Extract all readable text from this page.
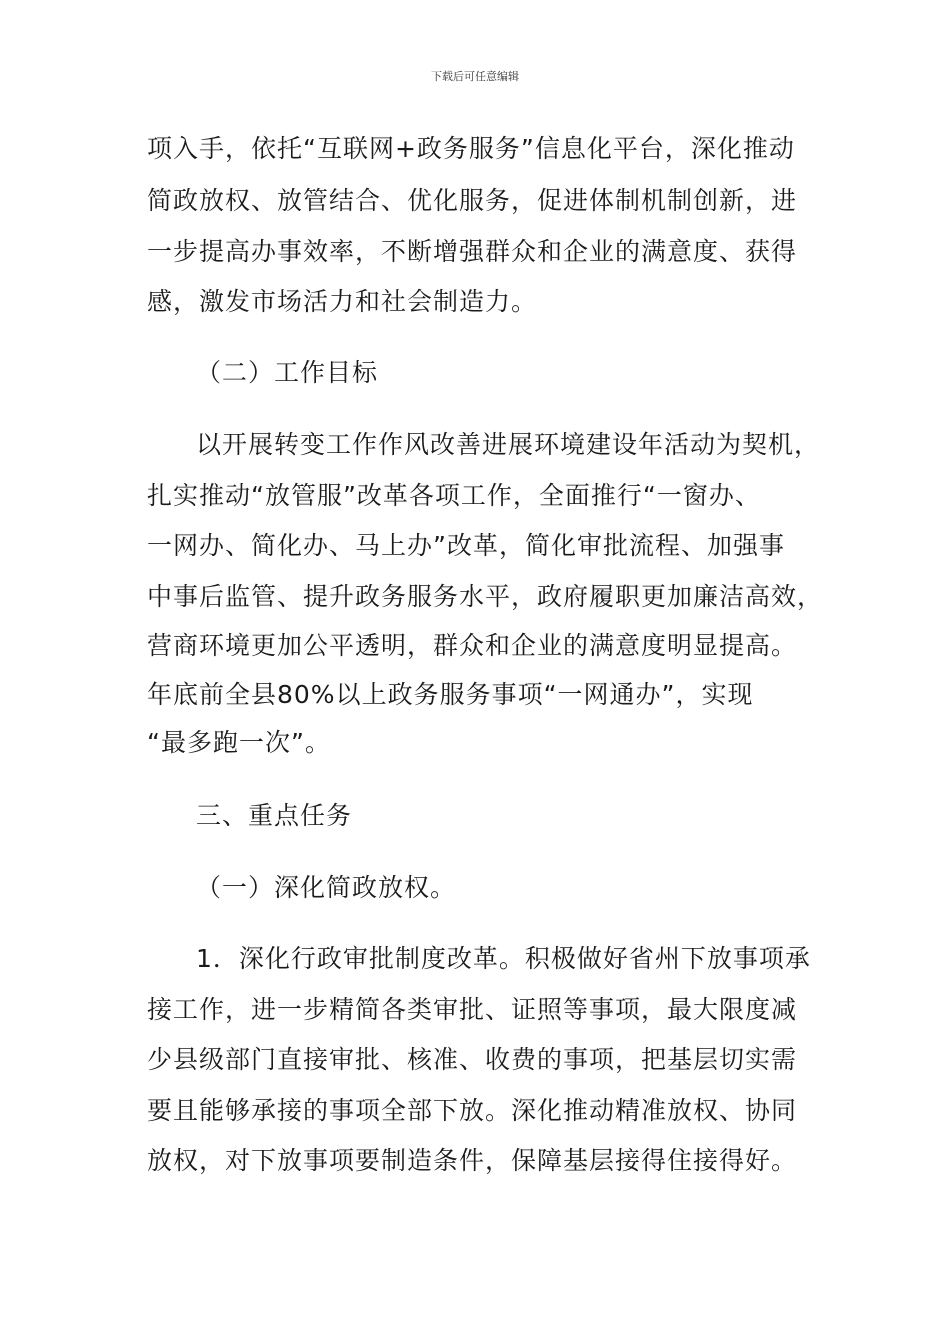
下载后可任意编辑
项入手，依托“互联网+政务服务”信息化平台，深化推动
简政放权、放管结合、优化服务，促进体制机制创新，进
一步提高办事效率，不断增强群众和企业的满意度、获得
感，激发市场活力和社会制造力。
（二）工作目标
以开展转变工作作风改善进展环境建设年活动为契机，
扎实推动“放管服”改革各项工作，全面推行“一窗办、
一网办、简化办、马上办”改革，简化审批流程、加强事
中事后监管、提升政务服务水平，政府履职更加廉洁高效，
营商环境更加公平透明，群众和企业的满意度明显提高。
年底前全县80%以上政务服务事项“一网通办”，实现
“最多跑一次”。
三、重点任务
（一）深化简政放权。
1．深化行政审批制度改革。积极做好省州下放事项承
接工作，进一步精简各类审批、证照等事项，最大限度减
少县级部门直接审批、核准、收费的事项，把基层切实需
要且能够承接的事项全部下放。深化推动精准放权、协同
放权，对下放事项要制造条件，保障基层接得住接得好。
